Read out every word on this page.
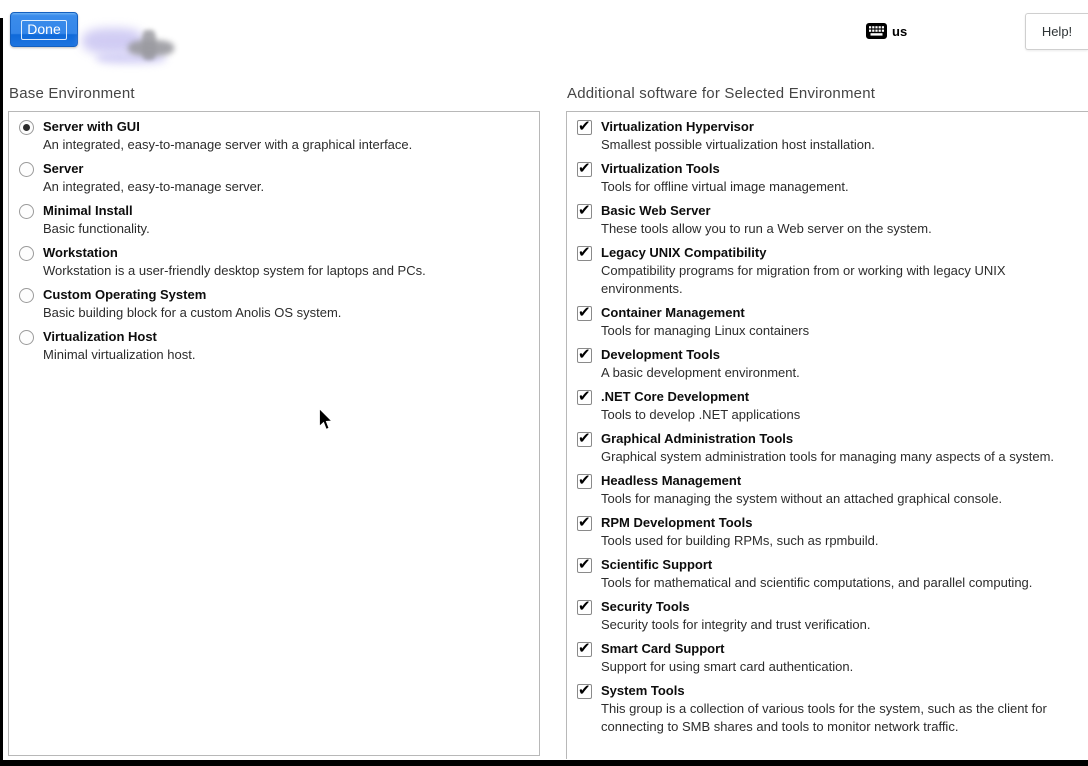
Done	us	Help!
Base Environment
Server with GUI
An integrated, easy-to-manage server with a graphical interface.
Server
An integrated, easy-to-manage server.
Minimal Install
Basic functionality.
Workstation
Workstation is a user-friendly desktop system for laptops and PCs.
Custom Operating System
Basic building block for a custom Anolis OS system.
Virtualization Host
Minimal virtualization host.
Additional software for Selected Environment
✔
Virtualization Hypervisor
Smallest possible virtualization host installation.
✔
Virtualization Tools
Tools for offline virtual image management.
✔
Basic Web Server
These tools allow you to run a Web server on the system.
✔
Legacy UNIX Compatibility
Compatibility programs for migration from or working with legacy UNIX environments.
✔
Container Management
Tools for managing Linux containers
✔
Development Tools
A basic development environment.
✔
.NET Core Development
Tools to develop .NET applications
✔
Graphical Administration Tools
Graphical system administration tools for managing many aspects of a system.
✔
Headless Management
Tools for managing the system without an attached graphical console.
✔
RPM Development Tools
Tools used for building RPMs, such as rpmbuild.
✔
Scientific Support
Tools for mathematical and scientific computations, and parallel computing.
✔
Security Tools
Security tools for integrity and trust verification.
✔
Smart Card Support
Support for using smart card authentication.
✔
System Tools
This group is a collection of various tools for the system, such as the client for connecting to SMB shares and tools to monitor network traffic.
